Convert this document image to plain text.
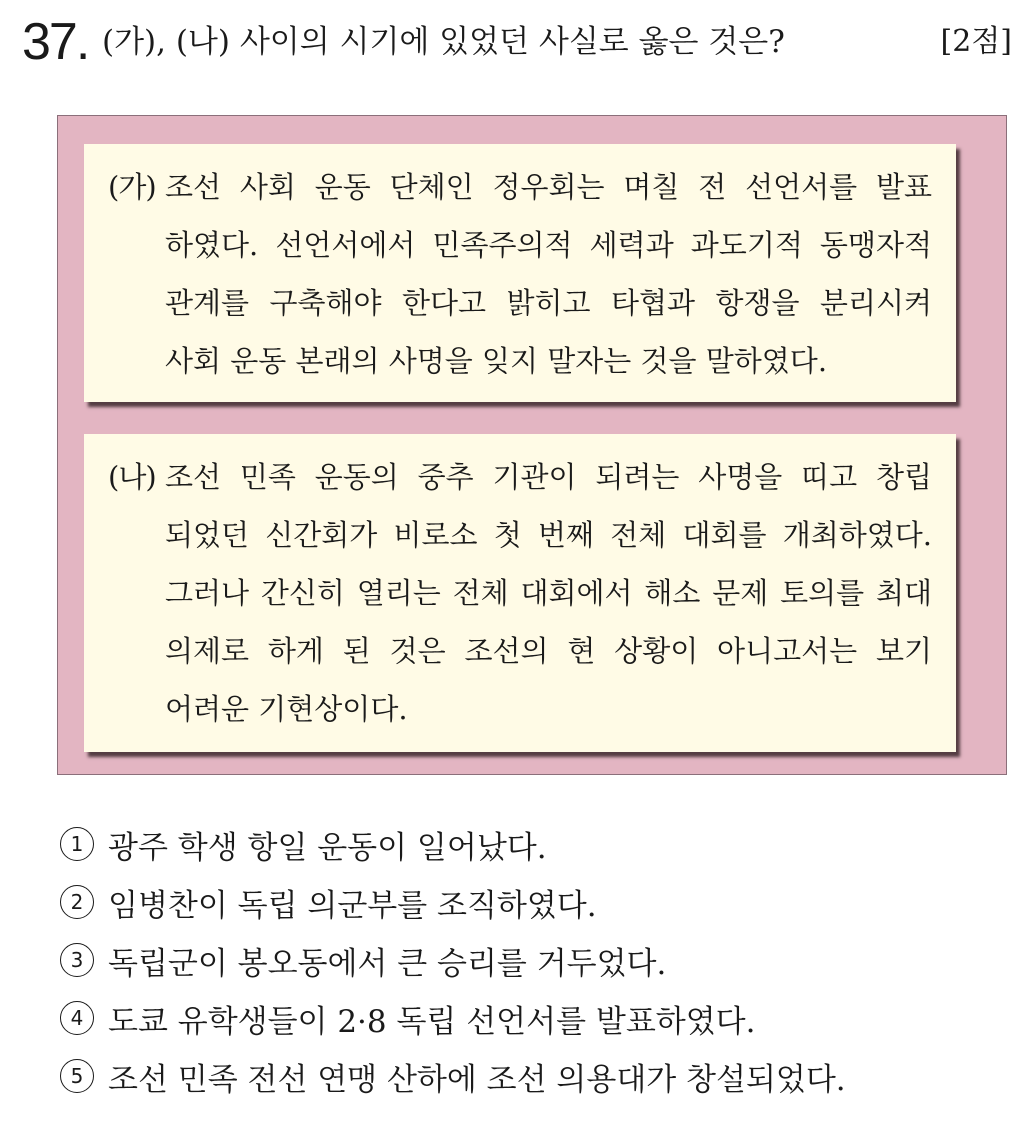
37. (가), (나) 사이의 시기에 있었던 사실로 옳은 것은?	[2점]
(가) 조선 사회 운동 단체인 정우회는 며칠 전 선언서를 발표
하였다. 선언서에서 민족주의적 세력과 과도기적 동맹자적
관계를 구축해야 한다고 밝히고 타협과 항쟁을 분리시켜
사회 운동 본래의 사명을 잊지 말자는 것을 말하였다.
(나) 조선 민족 운동의 중추 기관이 되려는 사명을 띠고 창립
되었던 신간회가 비로소 첫 번째 전체 대회를 개최하였다.
그러나 간신히 열리는 전체 대회에서 해소 문제 토의를 최대
의제로 하게 된 것은 조선의 현 상황이 아니고서는 보기
어려운 기현상이다.
1 광주 학생 항일 운동이 일어났다.
2 임병찬이 독립 의군부를 조직하였다.
3 독립군이 봉오동에서 큰 승리를 거두었다.
4 도쿄 유학생들이 2·8 독립 선언서를 발표하였다.
5 조선 민족 전선 연맹 산하에 조선 의용대가 창설되었다.
